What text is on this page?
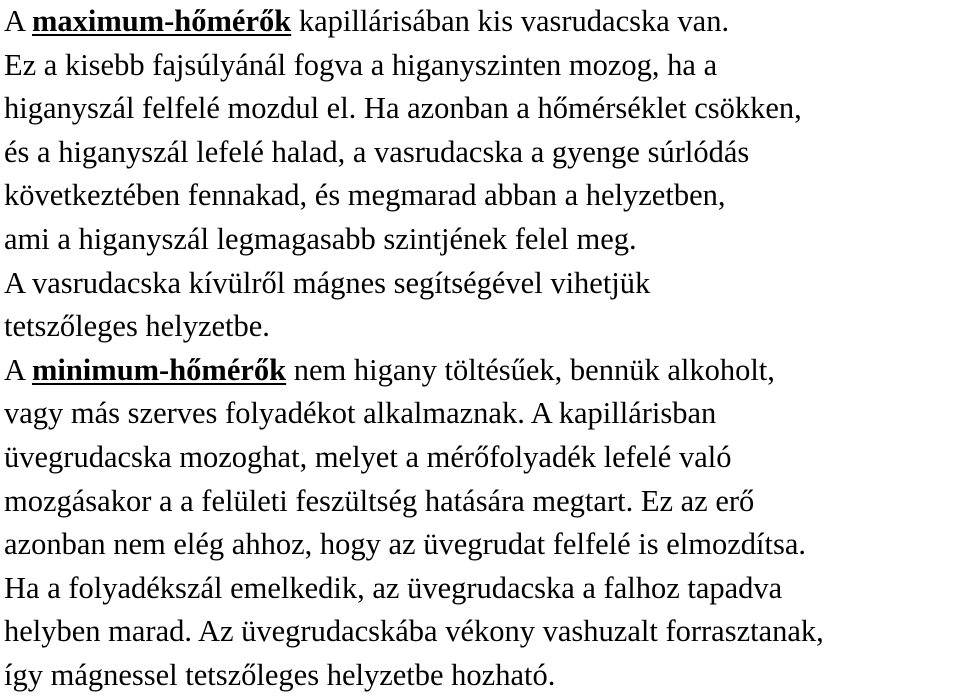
A maximum-hőmérők kapillárisában kis vasrudacska van.
Ez a kisebb fajsúlyánál fogva a higanyszinten mozog, ha a
higanyszál felfelé mozdul el. Ha azonban a hőmérséklet csökken,
és a higanyszál lefelé halad, a vasrudacska a gyenge súrlódás
következtében fennakad, és megmarad abban a helyzetben,
ami a higanyszál legmagasabb szintjének felel meg.
A vasrudacska kívülről mágnes segítségével vihetjük
tetszőleges helyzetbe.
A minimum-hőmérők nem higany töltésűek, bennük alkoholt,
vagy más szerves folyadékot alkalmaznak. A kapillárisban
üvegrudacska mozoghat, melyet a mérőfolyadék lefelé való
mozgásakor a a felületi feszültség hatására megtart. Ez az erő
azonban nem elég ahhoz, hogy az üvegrudat felfelé is elmozdítsa.
Ha a folyadékszál emelkedik, az üvegrudacska a falhoz tapadva
helyben marad. Az üvegrudacskába vékony vashuzalt forrasztanak,
így mágnessel tetszőleges helyzetbe hozható.
